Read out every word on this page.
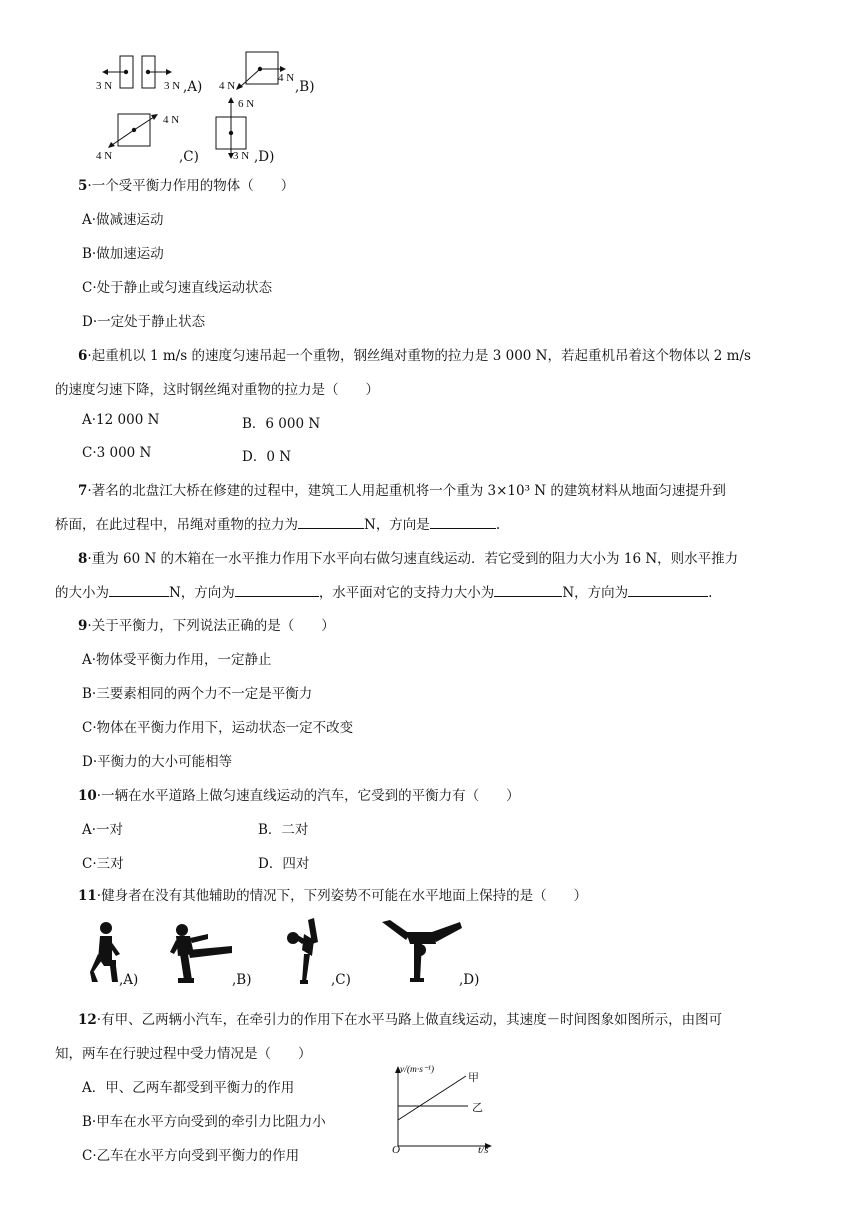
3 N	3 N ,A) 4 N
4 N
,B)
4 N
4 N	,C)
6 N
3 N ,D)
5·一个受平衡力作用的物体（　　）
A·做减速运动
B·做加速运动
C·处于静止或匀速直线运动状态
D·一定处于静止状态
6·起重机以 1 m/s 的速度匀速吊起一个重物，钢丝绳对重物的拉力是 3 000 N，若起重机吊着这个物体以 2 m/s
的速度匀速下降，这时钢丝绳对重物的拉力是（　　）
A·12 000 N	B．6 000 N
C·3 000 N	D．0 N
7·著名的北盘江大桥在修建的过程中，建筑工人用起重机将一个重为 3×10³ N 的建筑材料从地面匀速提升到
桥面，在此过程中，吊绳对重物的拉力为	N，方向是	.
8·重为 60 N 的木箱在一水平推力作用下水平向右做匀速直线运动．若它受到的阻力大小为 16 N，则水平推力
的大小为	N，方向为	，水平面对它的支持力大小为	N，方向为	.
9·关于平衡力，下列说法正确的是（　　）
A·物体受平衡力作用，一定静止
B·三要素相同的两个力不一定是平衡力
C·物体在平衡力作用下，运动状态一定不改变
D·平衡力的大小可能相等
10·一辆在水平道路上做匀速直线运动的汽车，它受到的平衡力有（　　）
A·一对	B．二对
C·三对	D．四对
11·健身者在没有其他辅助的情况下，下列姿势不可能在水平地面上保持的是（　　）
,A)	,B)	,C)	,D)
12·有甲、乙两辆小汽车，在牵引力的作用下在水平马路上做直线运动，其速度－时间图象如图所示，由图可
知，两车在行驶过程中受力情况是（　　）
A．甲、乙两车都受到平衡力的作用
B·甲车在水平方向受到的牵引力比阻力小
C·乙车在水平方向受到平衡力的作用
v/(m·s⁻¹)
甲
乙
O	t/s
